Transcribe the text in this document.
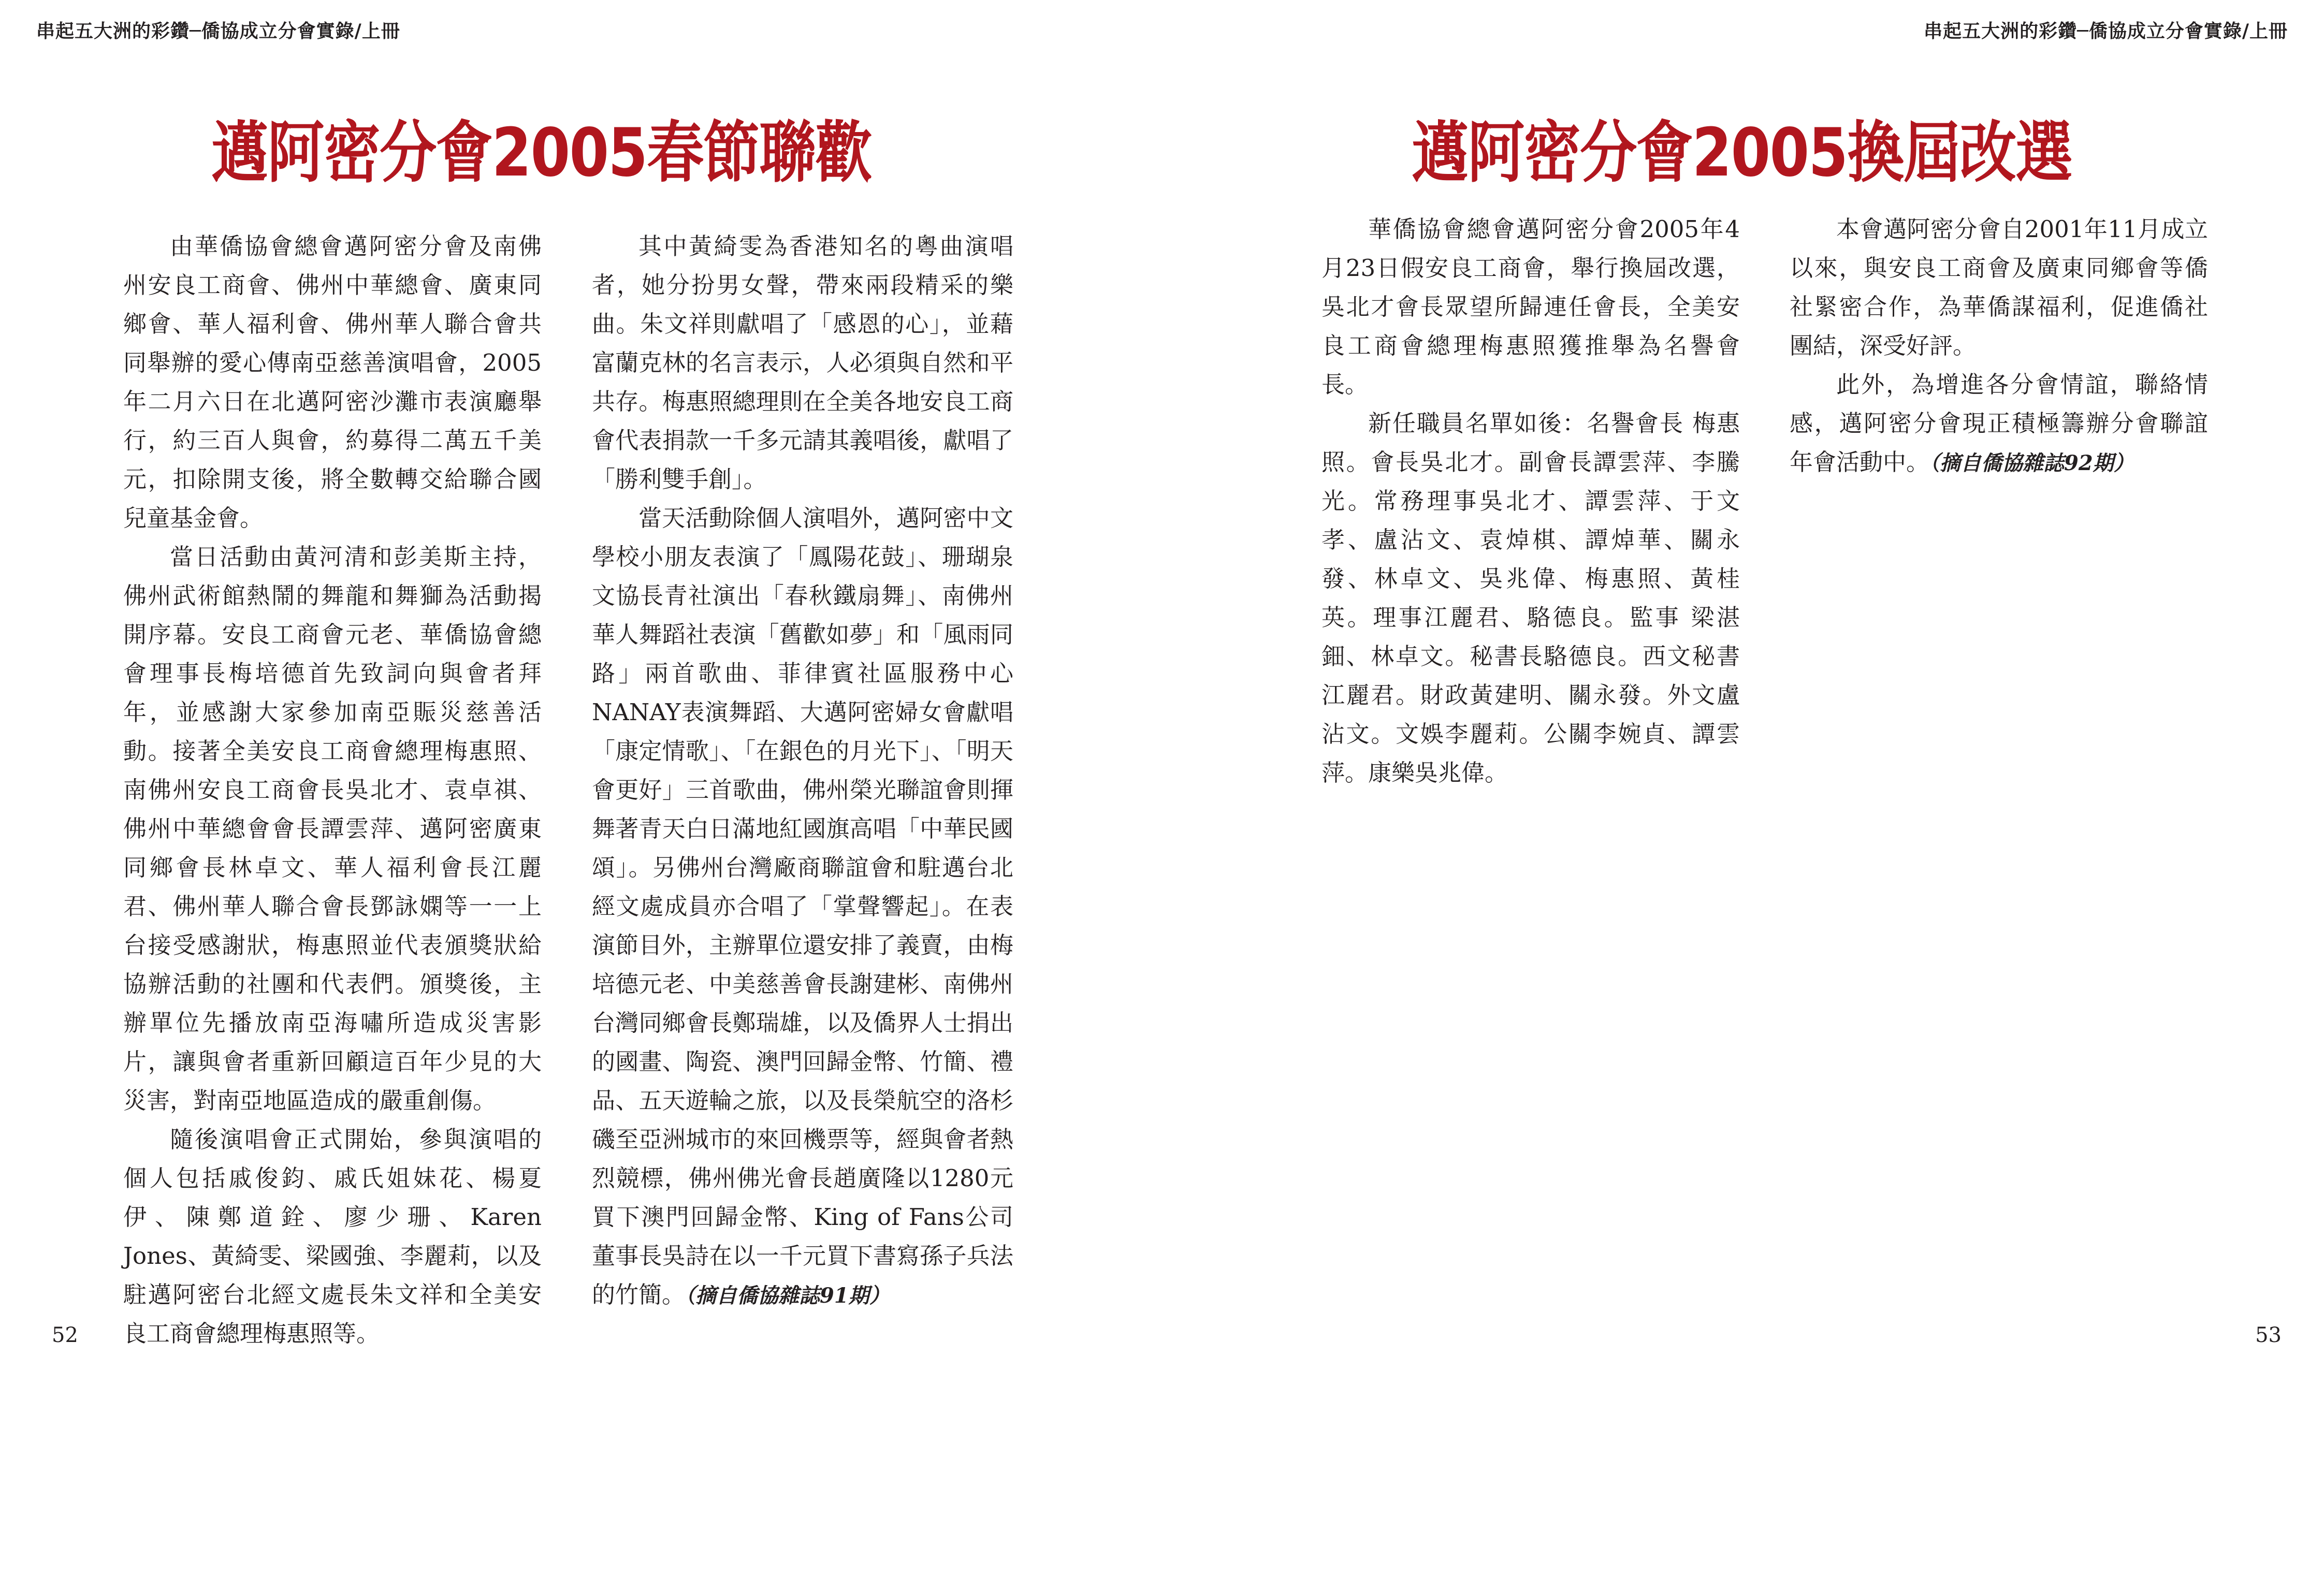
串起五大洲的彩鑽─僑協成立分會實錄/上冊
邁阿密分會2005春節聯歡

由華僑協會總會邁阿密分會及南佛州安良工商會、佛州中華總會、廣東同鄉會、華人福利會、佛州華人聯合會共同舉辦的愛心傳南亞慈善演唱會，2005年二月六日在北邁阿密沙灘市表演廳舉行，約三百人與會，約募得二萬五千美元，扣除開支後，將全數轉交給聯合國兒童基金會。

當日活動由黃河清和彭美斯主持，佛州武術館熱鬧的舞龍和舞獅為活動揭開序幕。安良工商會元老、華僑協會總會理事長梅培德首先致詞向與會者拜年，並感謝大家參加南亞賑災慈善活動。接著全美安良工商會總理梅惠照、南佛州安良工商會長吳北才、袁卓祺、佛州中華總會會長譚雲萍、邁阿密廣東同鄉會長林卓文、華人福利會長江麗君、佛州華人聯合會長鄧詠嫻等一一上台接受感謝狀，梅惠照並代表頒獎狀給協辦活動的社團和代表們。頒獎後，主辦單位先播放南亞海嘯所造成災害影片，讓與會者重新回顧這百年少見的大災害，對南亞地區造成的嚴重創傷。

隨後演唱會正式開始，參與演唱的個人包括戚俊鈞、戚氏姐妹花、楊夏伊、陳鄭道銓、廖少珊、Karen Jones、黃綺雯、梁國強、李麗莉，以及駐邁阿密台北經文處長朱文祥和全美安良工商會總理梅惠照等。

其中黃綺雯為香港知名的粵曲演唱者，她分扮男女聲，帶來兩段精采的樂曲。朱文祥則獻唱了「感恩的心」，並藉富蘭克林的名言表示，人必須與自然和平共存。梅惠照總理則在全美各地安良工商會代表捐款一千多元請其義唱後，獻唱了「勝利雙手創」。

當天活動除個人演唱外，邁阿密中文學校小朋友表演了「鳳陽花鼓」、珊瑚泉文協長青社演出「春秋鐵扇舞」、南佛州華人舞蹈社表演「舊歡如夢」和「風雨同路」兩首歌曲、菲律賓社區服務中心 NANAY表演舞蹈、大邁阿密婦女會獻唱「康定情歌」、「在銀色的月光下」、「明天會更好」三首歌曲，佛州榮光聯誼會則揮舞著青天白日滿地紅國旗高唱「中華民國頌」。另佛州台灣廠商聯誼會和駐邁台北經文處成員亦合唱了「掌聲響起」。在表演節目外，主辦單位還安排了義賣，由梅培德元老、中美慈善會長謝建彬、南佛州台灣同鄉會長鄭瑞雄，以及僑界人士捐出的國畫、陶瓷、澳門回歸金幣、竹簡、禮品、五天遊輪之旅，以及長榮航空的洛杉磯至亞洲城市的來回機票等，經與會者熱烈競標，佛州佛光會長趙廣隆以1280元買下澳門回歸金幣、King of Fans公司董事長吳詩在以一千元買下書寫孫子兵法的竹簡。（摘自僑協雜誌91期）

52
串起五大洲的彩鑽─僑協成立分會實錄/上冊
邁阿密分會2005換屆改選

華僑協會總會邁阿密分會2005年4月23日假安良工商會，舉行換屆改選，吳北才會長眾望所歸連任會長，全美安良工商會總理梅惠照獲推舉為名譽會長。

新任職員名單如後：名譽會長 梅惠照。會長吳北才。副會長譚雲萍、李騰光。常務理事吳北才、譚雲萍、于文孝、盧沾文、袁焯棋、譚焯華、關永發、林卓文、吳兆偉、梅惠照、黃桂英。理事江麗君、駱德良。監事 梁湛鈿、林卓文。秘書長駱德良。西文秘書江麗君。財政黃建明、關永發。外文盧沾文。文娛李麗莉。公關李婉貞、譚雲萍。康樂吳兆偉。

本會邁阿密分會自2001年11月成立以來，與安良工商會及廣東同鄉會等僑社緊密合作，為華僑謀福利，促進僑社團結，深受好評。

此外，為增進各分會情誼，聯絡情感，邁阿密分會現正積極籌辦分會聯誼年會活動中。（摘自僑協雜誌92期）

53
